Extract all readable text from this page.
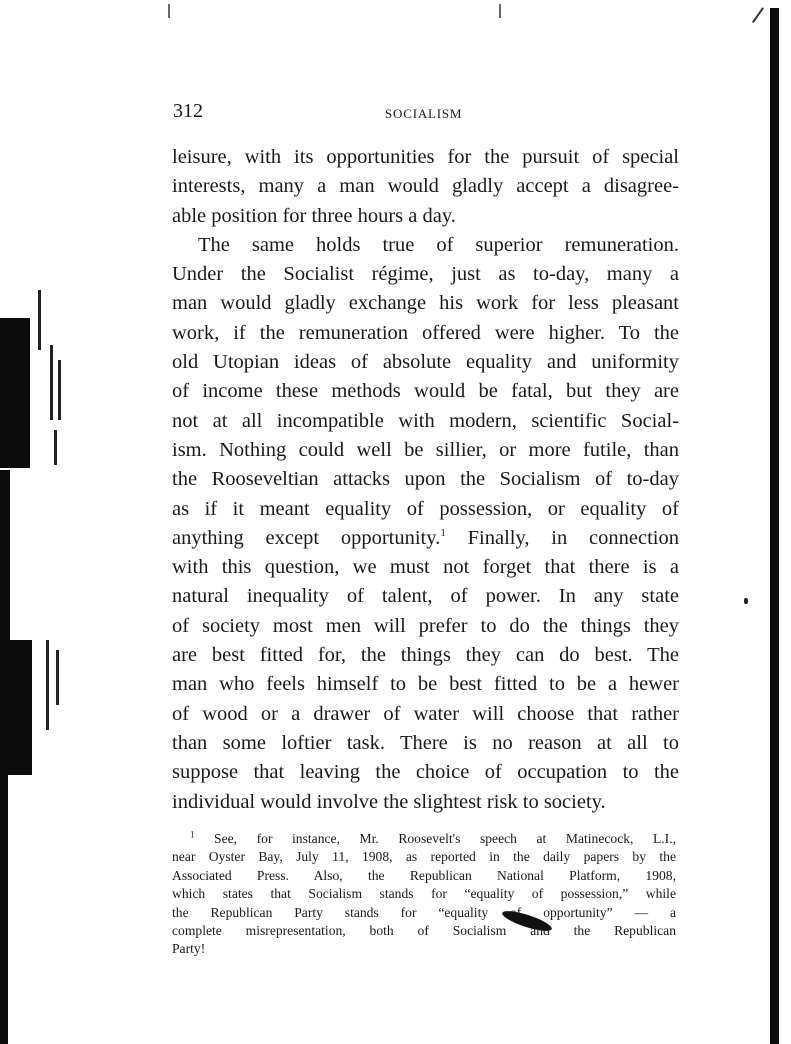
312	SOCIALISM
leisure, with its opportunities for the pursuit of special
interests, many a man would gladly accept a disagree-
able position for three hours a day.
The same holds true of superior remuneration.
Under the Socialist régime, just as to-day, many a
man would gladly exchange his work for less pleasant
work, if the remuneration offered were higher. To the
old Utopian ideas of absolute equality and uniformity
of income these methods would be fatal, but they are
not at all incompatible with modern, scientific Social-
ism. Nothing could well be sillier, or more futile, than
the Rooseveltian attacks upon the Socialism of to-day
as if it meant equality of possession, or equality of
anything except opportunity.$^1$ Finally, in connection
with this question, we must not forget that there is a
natural inequality of talent, of power. In any state
of society most men will prefer to do the things they
are best fitted for, the things they can do best. The
man who feels himself to be best fitted to be a hewer
of wood or a drawer of water will choose that rather
than some loftier task. There is no reason at all to
suppose that leaving the choice of occupation to the
individual would involve the slightest risk to society.
$^1$ See, for instance, Mr. Roosevelt's speech at Matinecock, L.I.,
near Oyster Bay, July 11, 1908, as reported in the daily papers by the
Associated Press. Also, the Republican National Platform, 1908,
which states that Socialism stands for “equality of possession,” while
the Republican Party stands for “equality of opportunity” — a
complete misrepresentation, both of Socialism and the Republican
Party!
